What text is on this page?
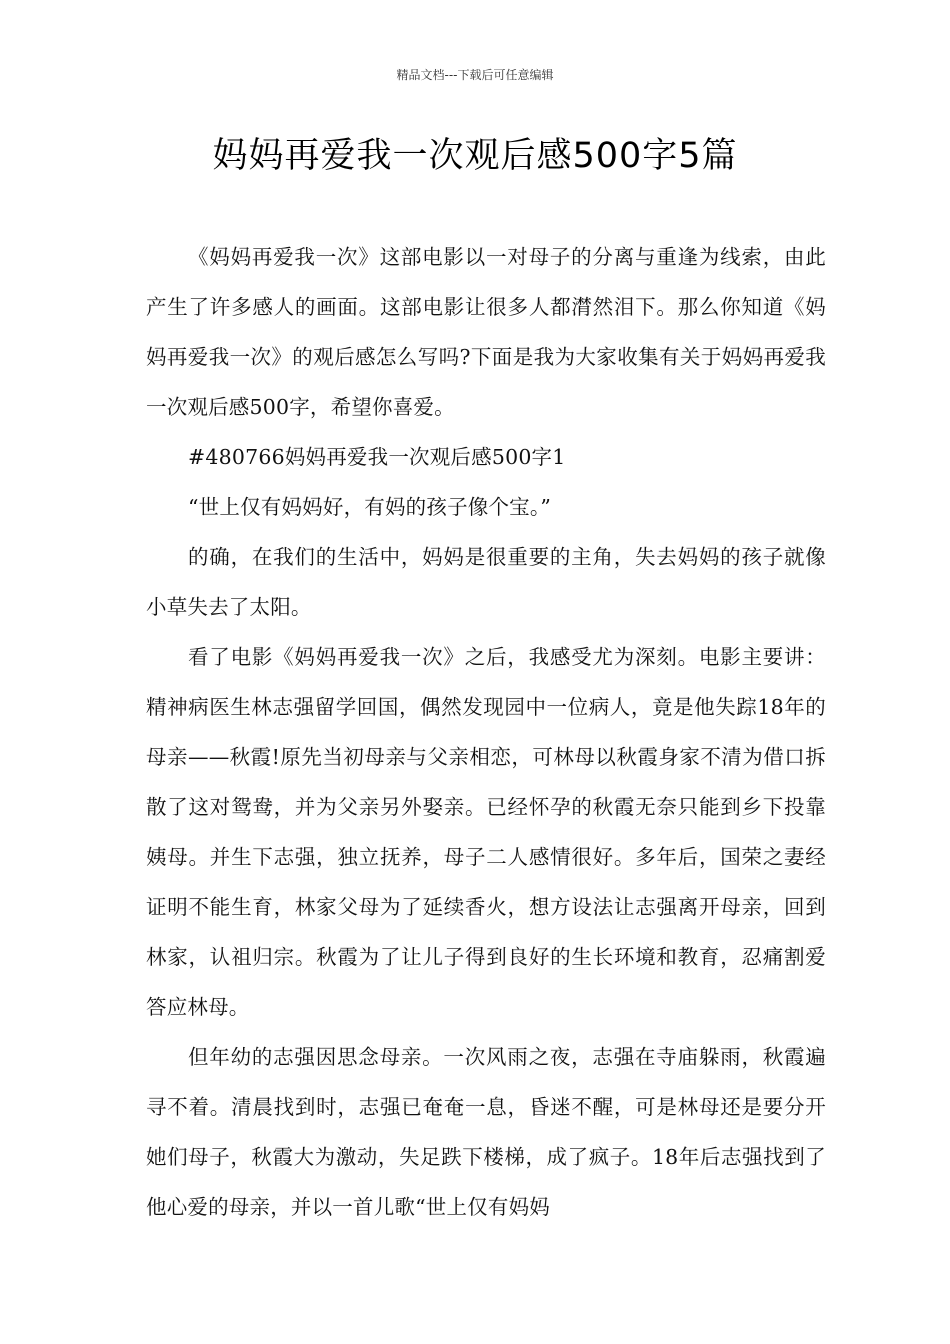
精品文档---下载后可任意编辑
妈妈再爱我一次观后感500字5篇

《妈妈再爱我一次》这部电影以一对母子的分离与重逢为线索，由此产生了许多感人的画面。这部电影让很多人都潸然泪下。那么你知道《妈妈再爱我一次》的观后感怎么写吗?下面是我为大家收集有关于妈妈再爱我一次观后感500字，希望你喜爱。

#480766妈妈再爱我一次观后感500字1

“世上仅有妈妈好，有妈的孩子像个宝。”

的确，在我们的生活中，妈妈是很重要的主角，失去妈妈的孩子就像小草失去了太阳。

看了电影《妈妈再爱我一次》之后，我感受尤为深刻。电影主要讲：精神病医生林志强留学回国，偶然发现园中一位病人，竟是他失踪18年的母亲——秋霞!原先当初母亲与父亲相恋，可林母以秋霞身家不清为借口拆散了这对鸳鸯，并为父亲另外娶亲。已经怀孕的秋霞无奈只能到乡下投靠姨母。并生下志强，独立抚养，母子二人感情很好。多年后，国荣之妻经证明不能生育，林家父母为了延续香火，想方设法让志强离开母亲，回到林家，认祖归宗。秋霞为了让儿子得到良好的生长环境和教育，忍痛割爱答应林母。

但年幼的志强因思念母亲。一次风雨之夜，志强在寺庙躲雨，秋霞遍寻不着。清晨找到时，志强已奄奄一息，昏迷不醒，可是林母还是要分开她们母子，秋霞大为激动，失足跌下楼梯，成了疯子。18年后志强找到了他心爱的母亲，并以一首儿歌“世上仅有妈妈
